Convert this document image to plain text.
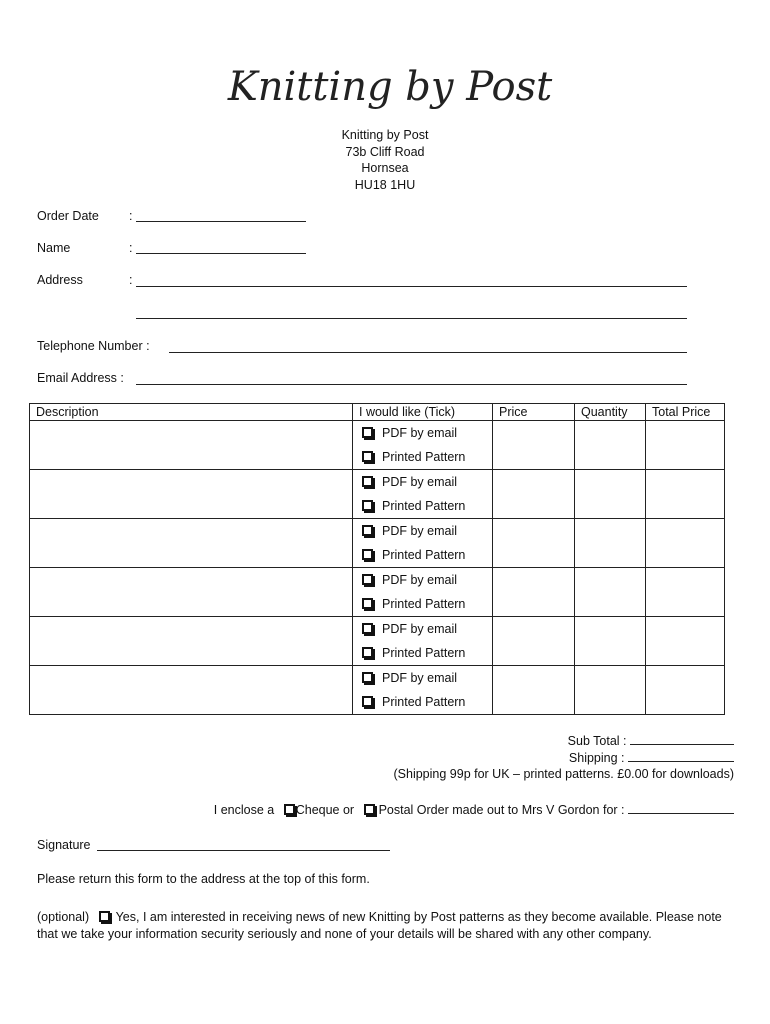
Knitting by Post
Knitting by Post
73b Cliff Road
Hornsea
HU18 1HU
Order Date :
Name	:
Address	:
Telephone Number :
Email Address :
Description	I would like (Tick)	Price	Quantity	Total Price

	PDF by email
Printed Pattern			

	PDF by email
Printed Pattern			

	PDF by email
Printed Pattern			

	PDF by email
Printed Pattern			

	PDF by email
Printed Pattern			

	PDF by email
Printed Pattern			

Sub Total :
Shipping :
(Shipping 99p for UK – printed patterns. £0.00 for downloads)
I enclose a Cheque or Postal Order made out to Mrs V Gordon for :
Signature
Please return this form to the address at the top of this form.
(optional) Yes, I am interested in receiving news of new Knitting by Post patterns as they become available. Please note that we take your information security seriously and none of your details will be shared with any other company.
